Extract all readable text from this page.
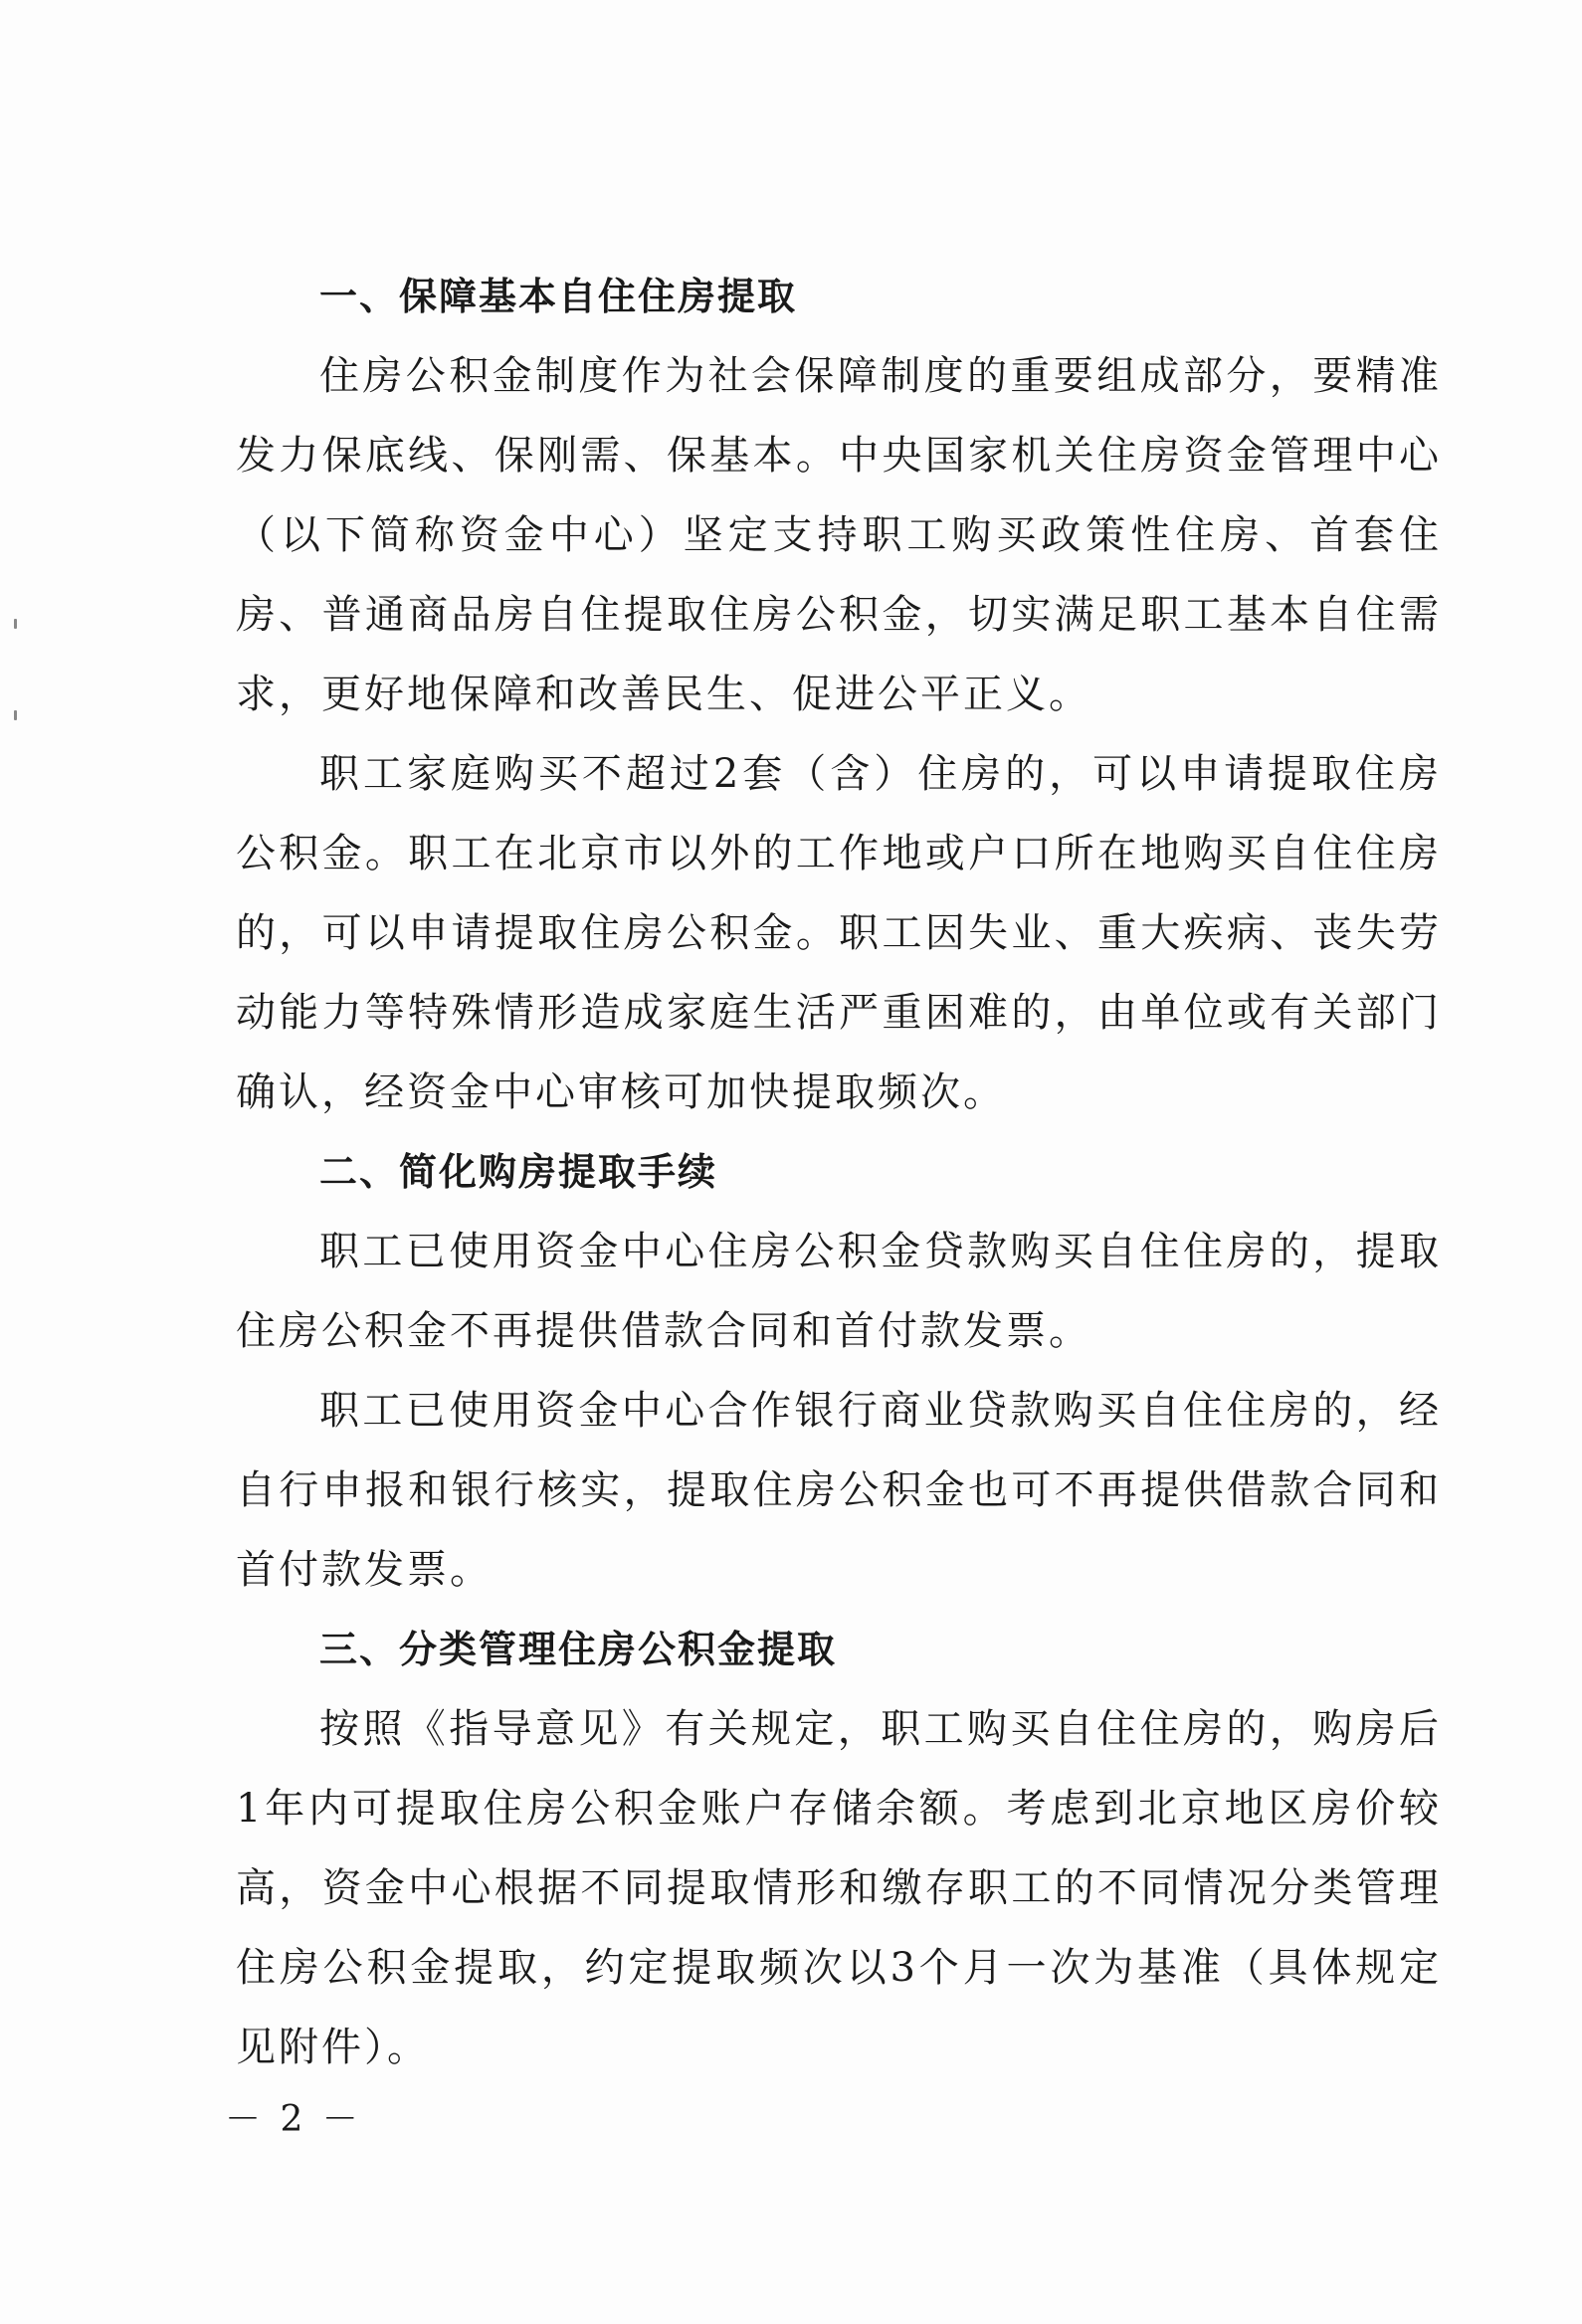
一、保障基本自住住房提取

住房公积金制度作为社会保障制度的重要组成部分，要精准发力保底线、保刚需、保基本。中央国家机关住房资金管理中心（以下简称资金中心）坚定支持职工购买政策性住房、首套住房、普通商品房自住提取住房公积金，切实满足职工基本自住需求，更好地保障和改善民生、促进公平正义。

职工家庭购买不超过2套（含）住房的，可以申请提取住房公积金。职工在北京市以外的工作地或户口所在地购买自住住房的，可以申请提取住房公积金。职工因失业、重大疾病、丧失劳动能力等特殊情形造成家庭生活严重困难的，由单位或有关部门确认，经资金中心审核可加快提取频次。

二、简化购房提取手续

职工已使用资金中心住房公积金贷款购买自住住房的，提取住房公积金不再提供借款合同和首付款发票。

职工已使用资金中心合作银行商业贷款购买自住住房的，经自行申报和银行核实，提取住房公积金也可不再提供借款合同和首付款发票。

三、分类管理住房公积金提取

按照《指导意见》有关规定，职工购买自住住房的，购房后1年内可提取住房公积金账户存储余额。考虑到北京地区房价较高，资金中心根据不同提取情形和缴存职工的不同情况分类管理住房公积金提取，约定提取频次以3个月一次为基准（具体规定见附件）。

－ 2 －
